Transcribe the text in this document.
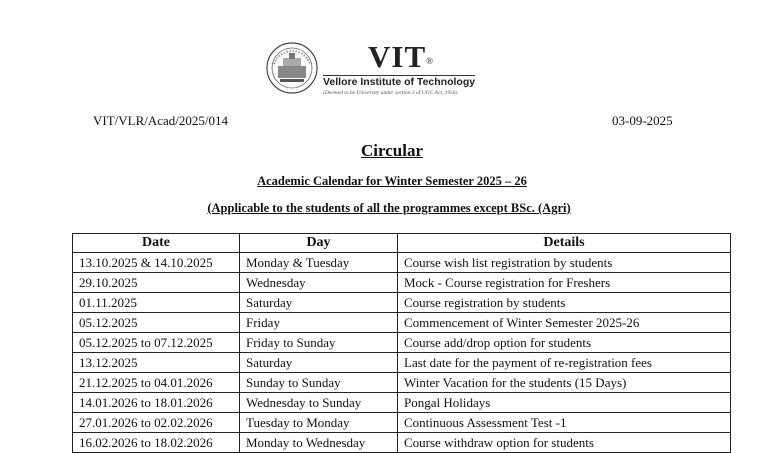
VIT®
Vellore Institute of Technology
(Deemed to be University under section 3 of UGC Act, 1956)
VIT/VLR/Acad/2025/014	03-09-2025
Circular
Academic Calendar for Winter Semester 2025 – 26
(Applicable to the students of all the programmes except BSc. (Agri)
Date	Day	Details
13.10.2025 & 14.10.2025	Monday & Tuesday	Course wish list registration by students
29.10.2025	Wednesday	Mock - Course registration for Freshers
01.11.2025	Saturday	Course registration by students
05.12.2025	Friday	Commencement of Winter Semester 2025-26
05.12.2025 to 07.12.2025	Friday to Sunday	Course add/drop option for students
13.12.2025	Saturday	Last date for the payment of re-registration fees
21.12.2025 to 04.01.2026	Sunday to Sunday	Winter Vacation for the students (15 Days)
14.01.2026 to 18.01.2026	Wednesday to Sunday	Pongal Holidays
27.01.2026 to 02.02.2026	Tuesday to Monday	Continuous Assessment Test -1
16.02.2026 to 18.02.2026	Monday to Wednesday	Course withdraw option for students
